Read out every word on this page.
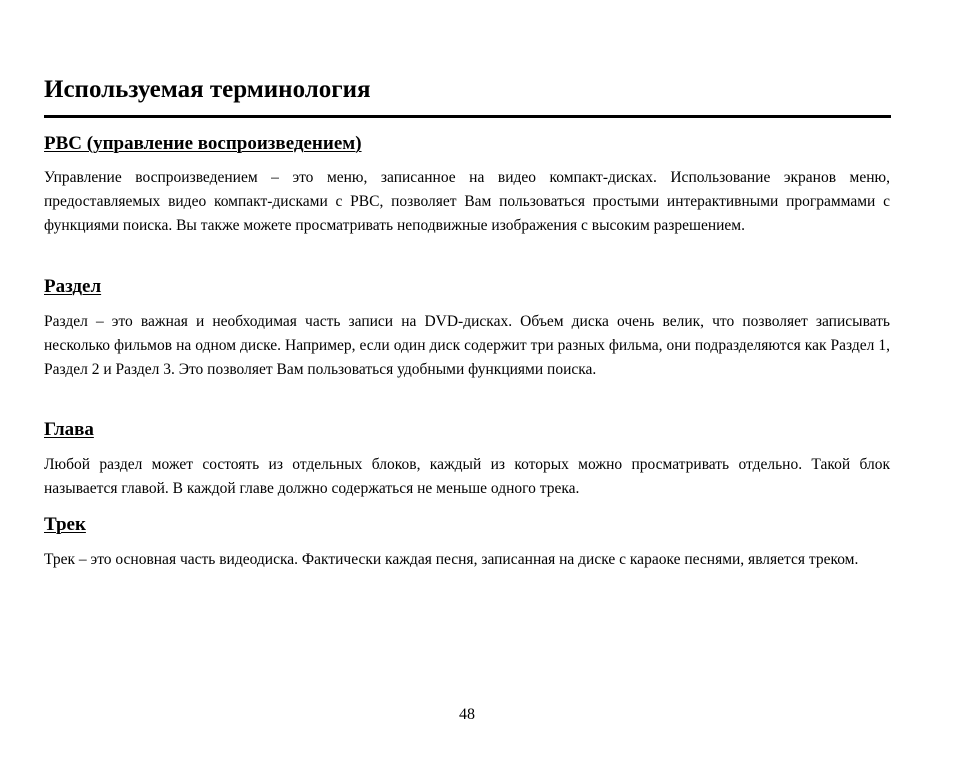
Используемая терминология
PBC (управление воспроизведением)

Управление воспроизведением – это меню, записанное на видео компакт-дисках. Использование экранов меню, предоставляемых видео компакт-дисками с PBC, позволяет Вам пользоваться простыми интерактивными программами с функциями поиска. Вы также можете просматривать неподвижные изображения с высоким разрешением.

Раздел

Раздел – это важная и необходимая часть записи на DVD-дисках. Объем диска очень велик, что позволяет записывать несколько фильмов на одном диске. Например, если один диск содержит три разных фильма, они подразделяются как Раздел 1, Раздел 2 и Раздел 3. Это позволяет Вам пользоваться удобными функциями поиска.

Глава

Любой раздел может состоять из отдельных блоков, каждый из которых можно просматривать отдельно. Такой блок называется главой. В каждой главе должно содержаться не меньше одного трека.

Трек

Трек – это основная часть видеодиска. Фактически каждая песня, записанная на диске с караоке песнями, является треком.

48
